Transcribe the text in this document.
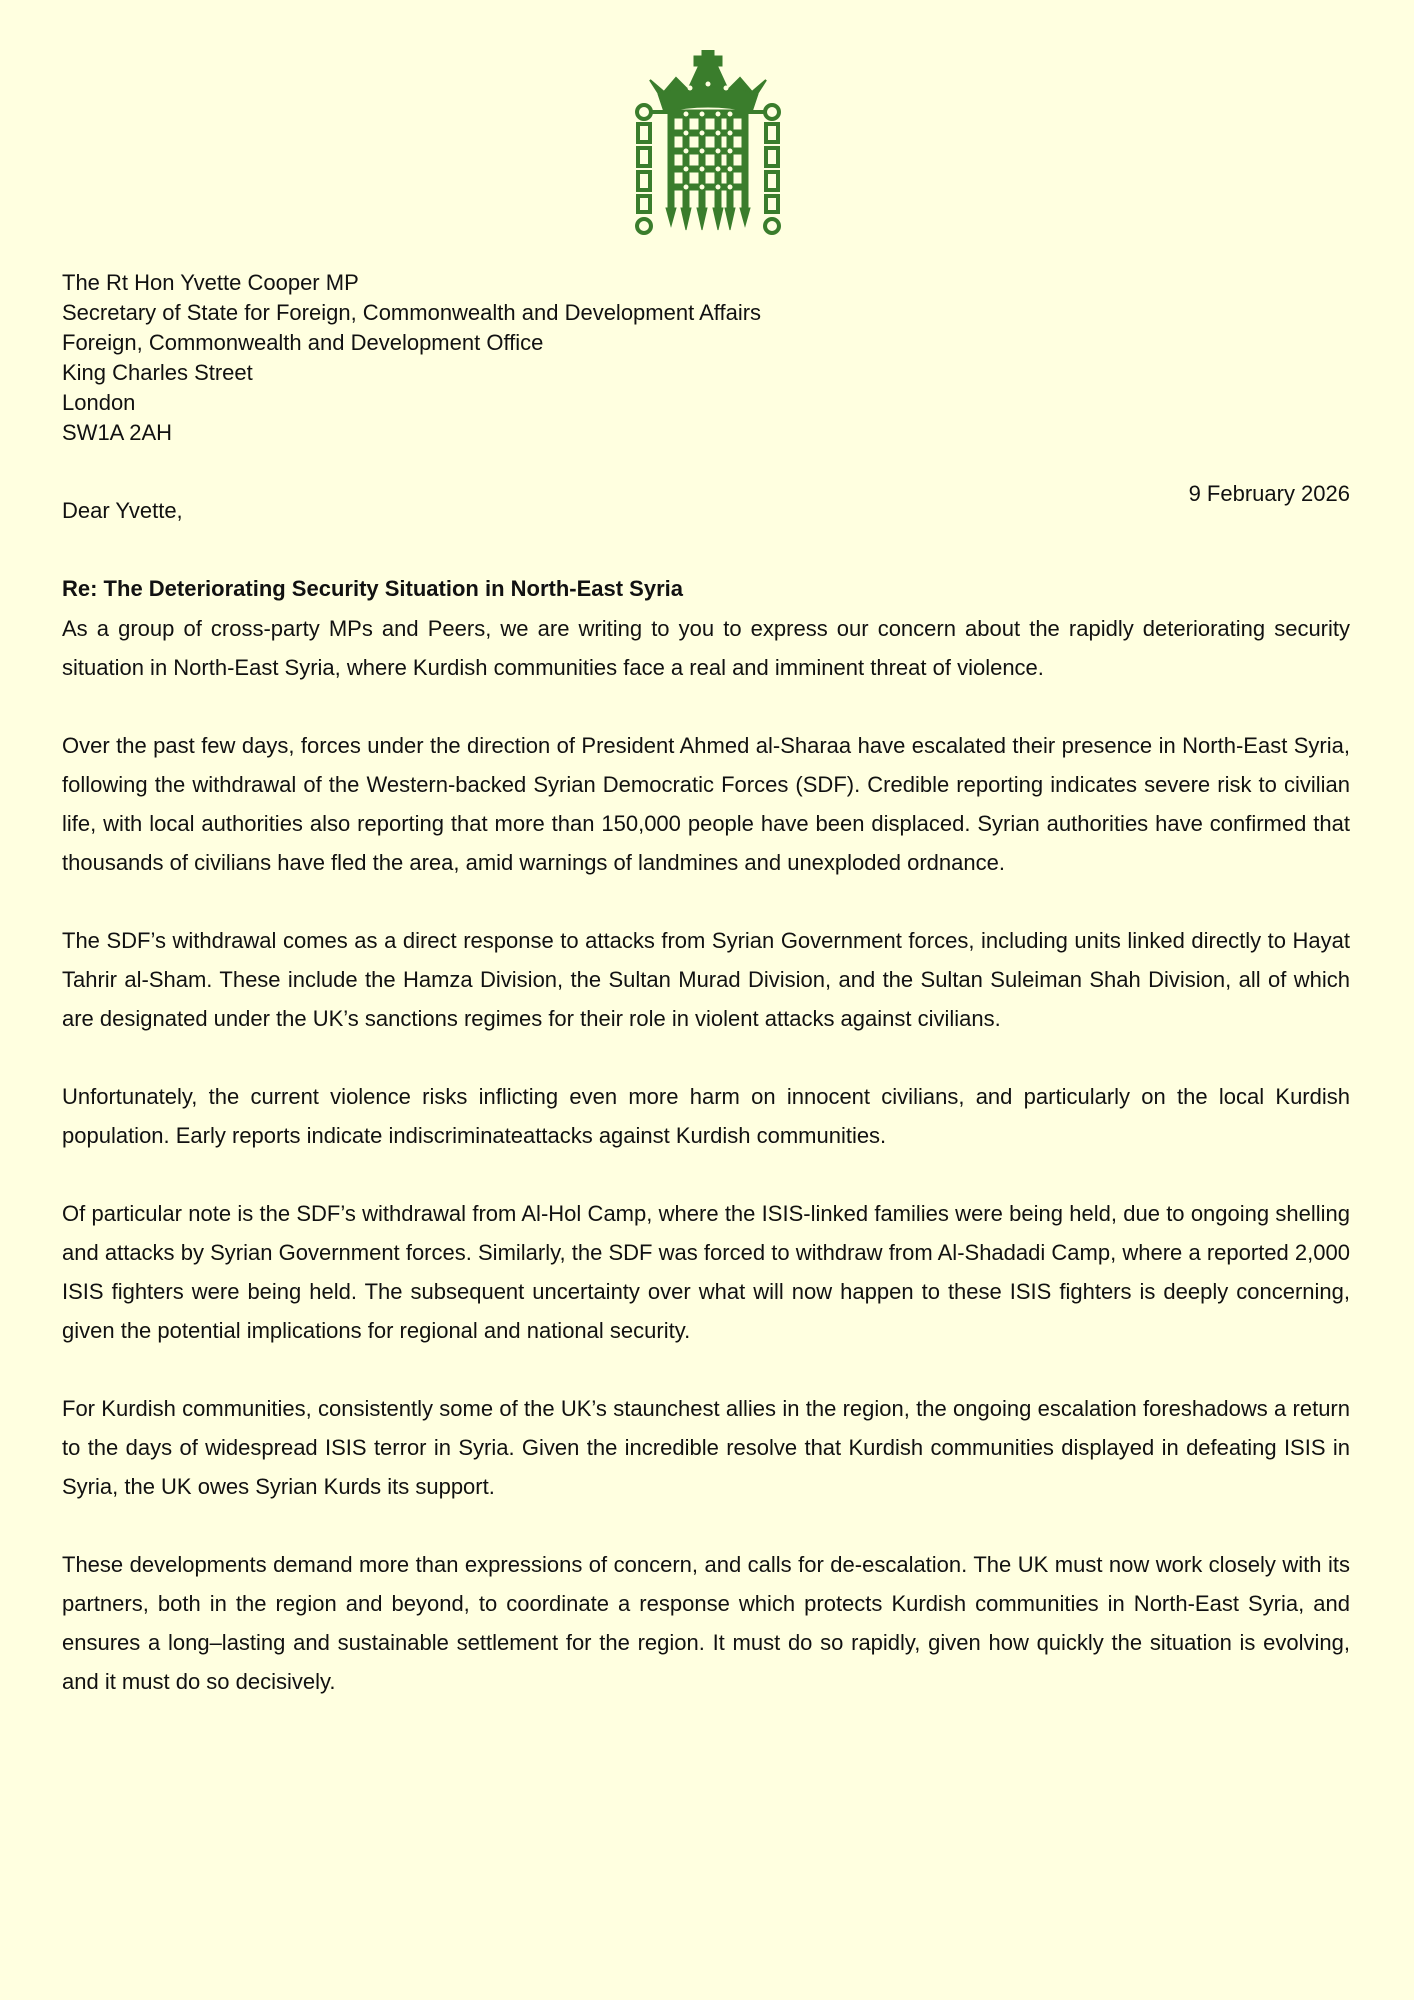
The Rt Hon Yvette Cooper MP
Secretary of State for Foreign, Commonwealth and Development Affairs
Foreign, Commonwealth and Development Office
King Charles Street
London
SW1A 2AH
9 February 2026
Dear Yvette,
Re: The Deteriorating Security Situation in North-East Syria

As a group of cross-party MPs and Peers, we are writing to you to express our concern about the rapidly deteriorating security situation in North-East Syria, where Kurdish communities face a real and imminent threat of violence.

Over the past few days, forces under the direction of President Ahmed al-Sharaa have escalated their presence in North-East Syria, following the withdrawal of the Western-backed Syrian Democratic Forces (SDF). Credible reporting indicates severe risk to civilian life, with local authorities also reporting that more than 150,000 people have been displaced. Syrian authorities have confirmed that thousands of civilians have fled the area, amid warnings of landmines and unexploded ordnance.

The SDF’s withdrawal comes as a direct response to attacks from Syrian Government forces, including units linked directly to Hayat Tahrir al-Sham. These include the Hamza Division, the Sultan Murad Division, and the Sultan Suleiman Shah Division, all of which are designated under the UK’s sanctions regimes for their role in violent attacks against civilians.

Unfortunately, the current violence risks inflicting even more harm on innocent civilians, and particularly on the local Kurdish population. Early reports indicate indiscriminateattacks against Kurdish communities.

Of particular note is the SDF’s withdrawal from Al-Hol Camp, where the ISIS-linked families were being held, due to ongoing shelling and attacks by Syrian Government forces. Similarly, the SDF was forced to withdraw from Al-Shadadi Camp, where a reported 2,000 ISIS fighters were being held. The subsequent uncertainty over what will now happen to these ISIS fighters is deeply concerning, given the potential implications for regional and national security.

For Kurdish communities, consistently some of the UK’s staunchest allies in the region, the ongoing escalation foreshadows a return to the days of widespread ISIS terror in Syria. Given the incredible resolve that Kurdish communities displayed in defeating ISIS in Syria, the UK owes Syrian Kurds its support.

These developments demand more than expressions of concern, and calls for de-escalation. The UK must now work closely with its partners, both in the region and beyond, to coordinate a response which protects Kurdish communities in North-East Syria, and ensures a long–lasting and sustainable settlement for the region. It must do so rapidly, given how quickly the situation is evolving, and it must do so decisively.
